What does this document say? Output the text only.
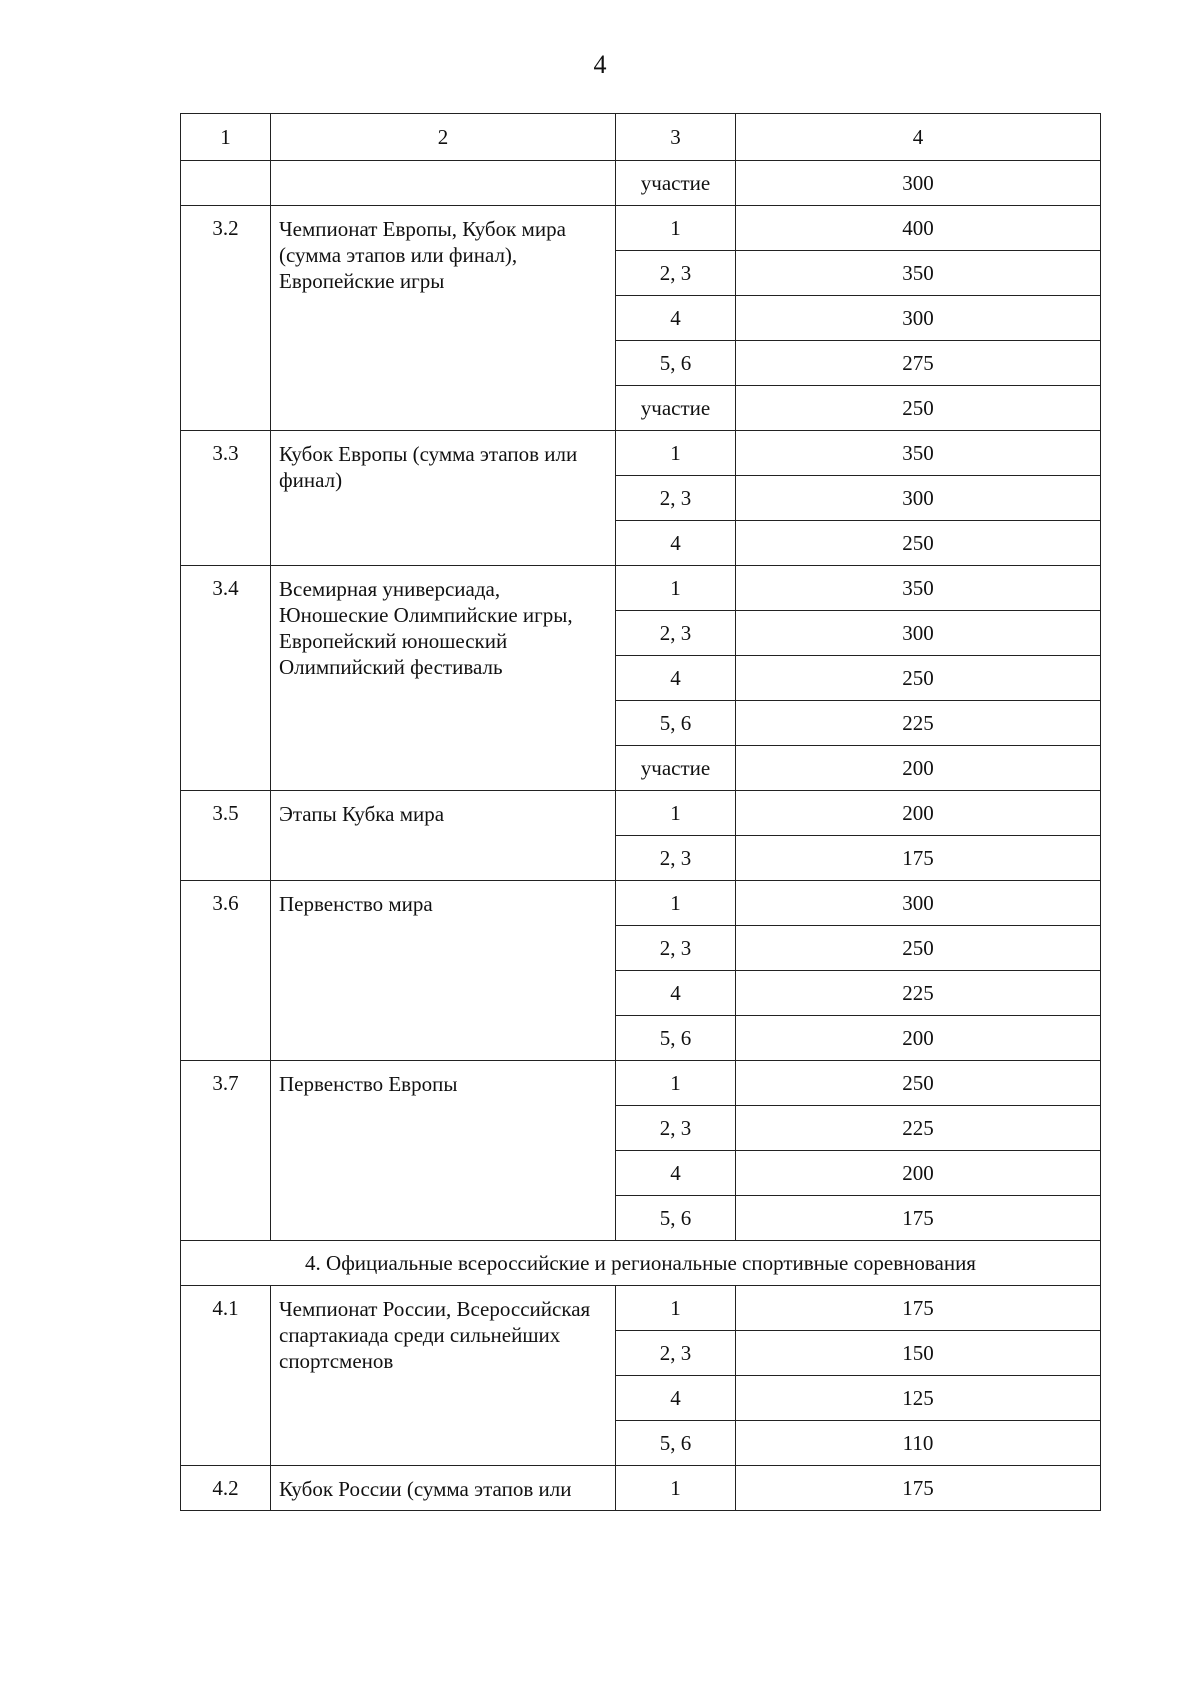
4
1	2	3	4
		участие	300
3.2	Чемпионат Европы, Кубок мира (сумма этапов или финал), Европейские игры	1	400
		2, 3	350
		4	300
		5, 6	275
		участие	250
3.3	Кубок Европы (сумма этапов или финал)	1	350
		2, 3	300
		4	250
3.4	Всемирная универсиада, Юношеские Олимпийские игры, Европейский юношеский Олимпийский фестиваль	1	350
		2, 3	300
		4	250
		5, 6	225
		участие	200
3.5	Этапы Кубка мира	1	200
		2, 3	175
3.6	Первенство мира	1	300
		2, 3	250
		4	225
		5, 6	200
3.7	Первенство Европы	1	250
		2, 3	225
		4	200
		5, 6	175
4. Официальные всероссийские и региональные спортивные соревнования			
4.1	Чемпионат России, Всероссийская спартакиада среди сильнейших спортсменов	1	175
		2, 3	150
		4	125
		5, 6	110
4.2	Кубок России (сумма этапов или	1	175
